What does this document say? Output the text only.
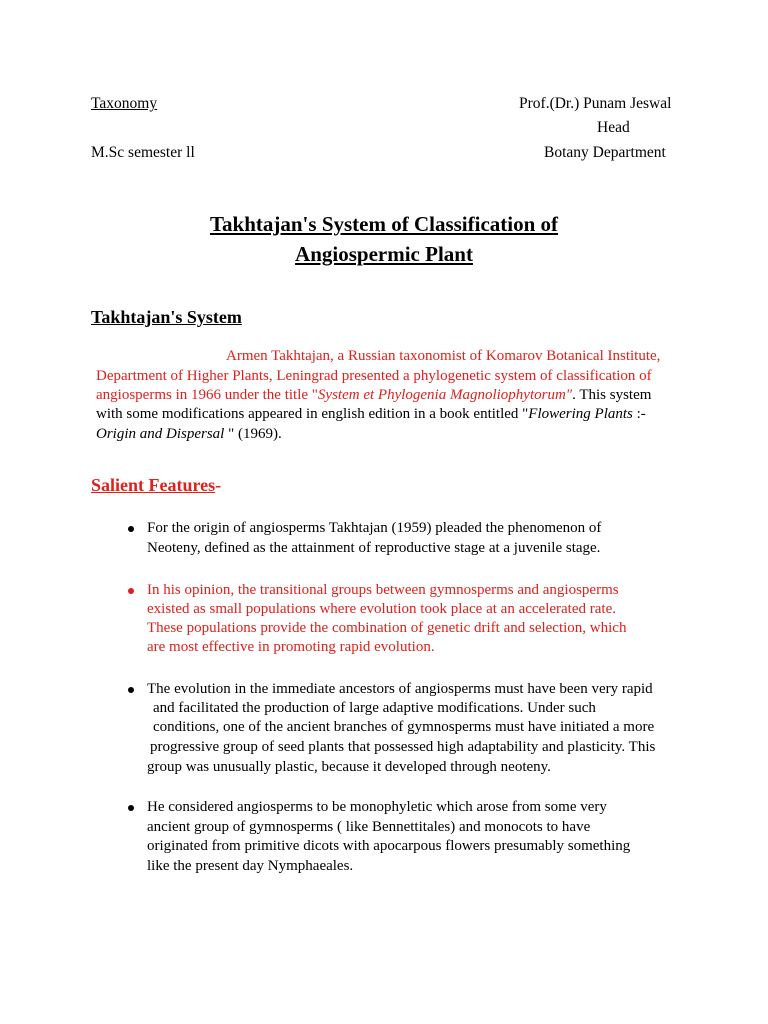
Taxonomy
M.Sc semester ll
Prof.(Dr.) Punam Jeswal
Head
Botany Department
Takhtajan's System of Classification of
Angiospermic Plant
Takhtajan's System
Armen Takhtajan, a Russian taxonomist of Komarov Botanical Institute,
Department of Higher Plants, Leningrad presented a phylogenetic system of classification of
angiosperms in 1966 under the title "System et Phylogenia Magnoliophytorum". This system
with some modifications appeared in english edition in a book entitled "Flowering Plants :-
Origin and Dispersal " (1969).
Salient Features-
For the origin of angiosperms Takhtajan (1959) pleaded the phenomenon of
Neoteny, defined as the attainment of reproductive stage at a juvenile stage.
In his opinion, the transitional groups between gymnosperms and angiosperms
existed as small populations where evolution took place at an accelerated rate.
These populations provide the combination of genetic drift and selection, which
are most effective in promoting rapid evolution.
The evolution in the immediate ancestors of angiosperms must have been very rapid
and facilitated the production of large adaptive modifications. Under such
conditions, one of the ancient branches of gymnosperms must have initiated a more
progressive group of seed plants that possessed high adaptability and plasticity. This
group was unusually plastic, because it developed through neoteny.
He considered angiosperms to be monophyletic which arose from some very
ancient group of gymnosperms ( like Bennettitales) and monocots to have
originated from primitive dicots with apocarpous flowers presumably something
like the present day Nymphaeales.
